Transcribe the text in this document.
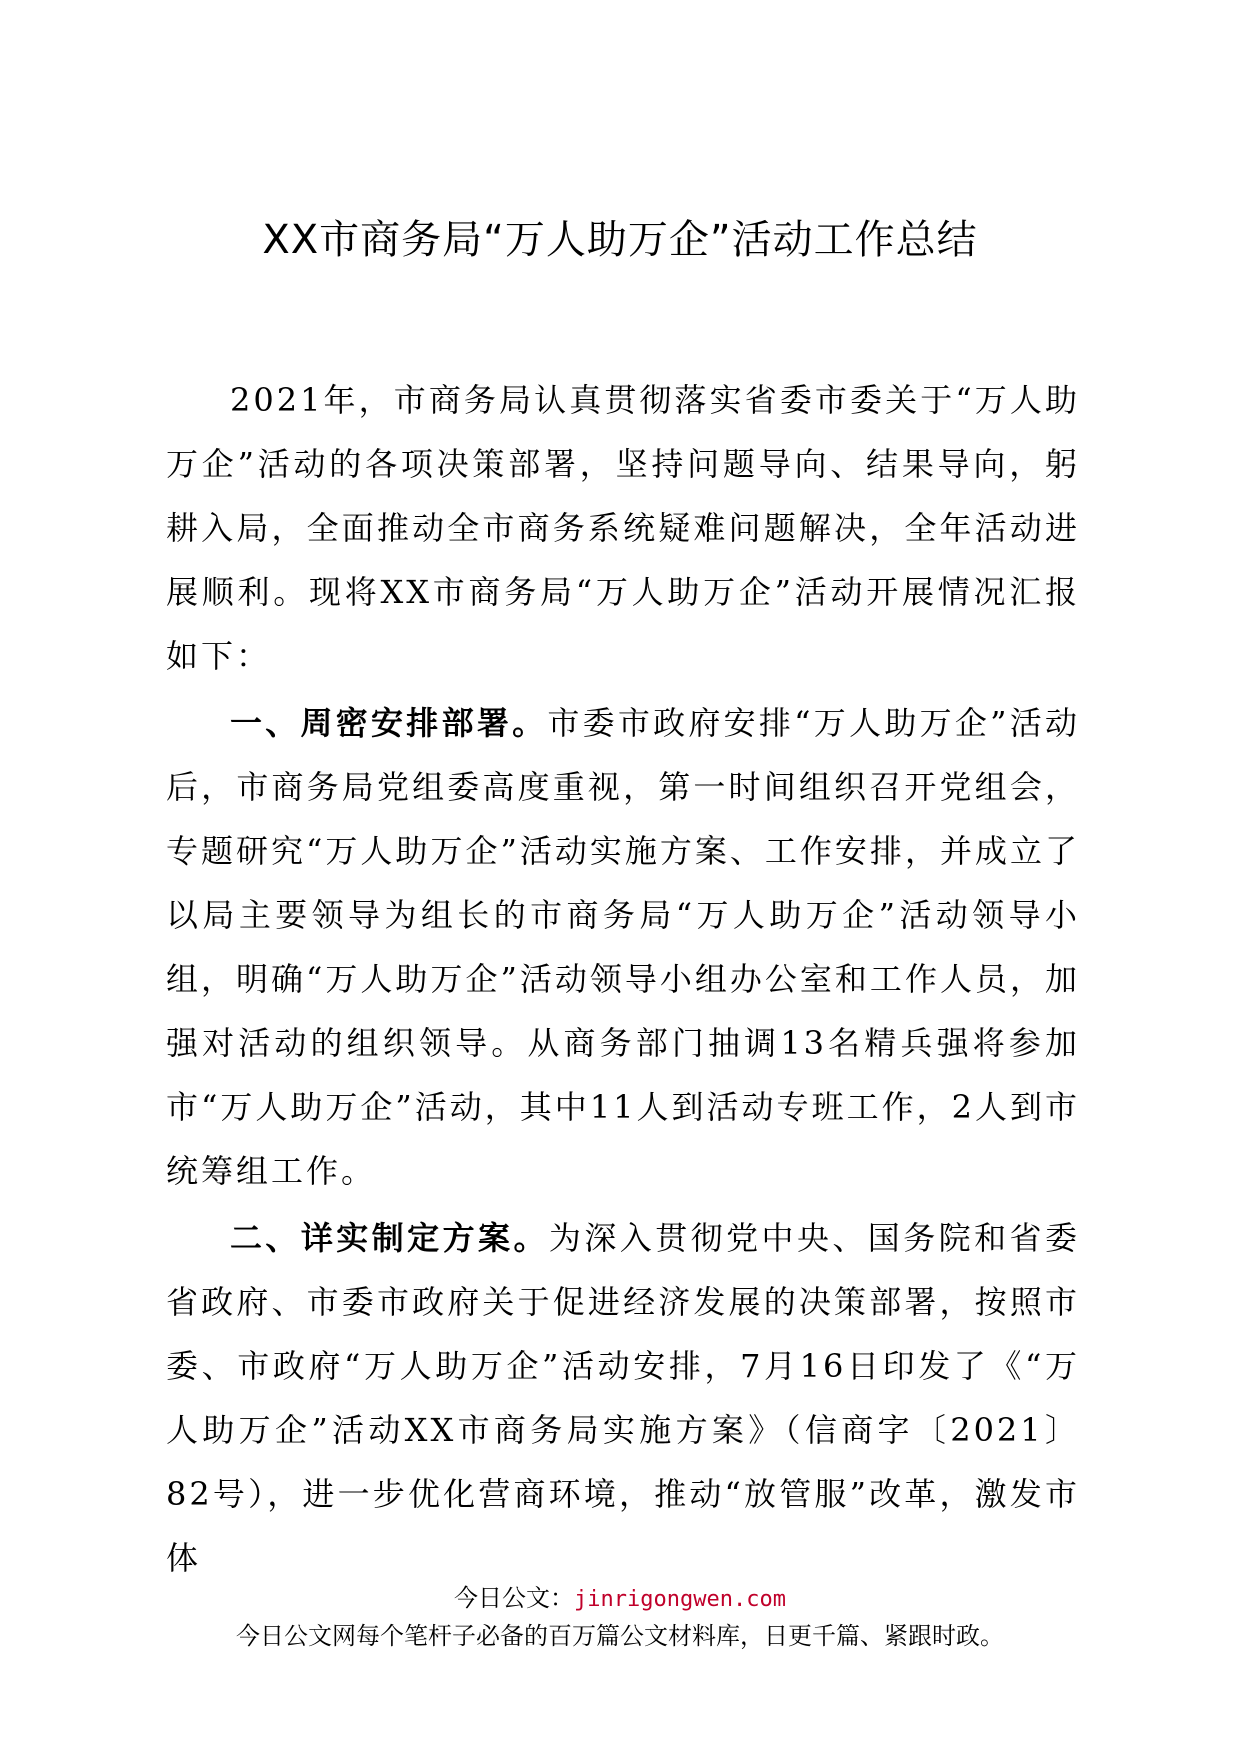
XX市商务局“万人助万企”活动工作总结

2021年，市商务局认真贯彻落实省委市委关于“万人助万企”活动的各项决策部署，坚持问题导向、结果导向，躬耕入局，全面推动全市商务系统疑难问题解决，全年活动进展顺利。现将XX市商务局“万人助万企”活动开展情况汇报如下：

一、周密安排部署。市委市政府安排“万人助万企”活动后，市商务局党组委高度重视，第一时间组织召开党组会，专题研究“万人助万企”活动实施方案、工作安排，并成立了以局主要领导为组长的市商务局“万人助万企”活动领导小组，明确“万人助万企”活动领导小组办公室和工作人员，加强对活动的组织领导。从商务部门抽调13名精兵强将参加市“万人助万企”活动，其中11人到活动专班工作，2人到市统筹组工作。

二、详实制定方案。为深入贯彻党中央、国务院和省委省政府、市委市政府关于促进经济发展的决策部署，按照市委、市政府“万人助万企”活动安排，7月16日印发了《“万人助万企”活动XX市商务局实施方案》（信商字〔2021〕82号），进一步优化营商环境，推动“放管服”改革，激发市体

今日公文：jinrigongwen.com
今日公文网每个笔杆子必备的百万篇公文材料库，日更千篇、紧跟时政。
